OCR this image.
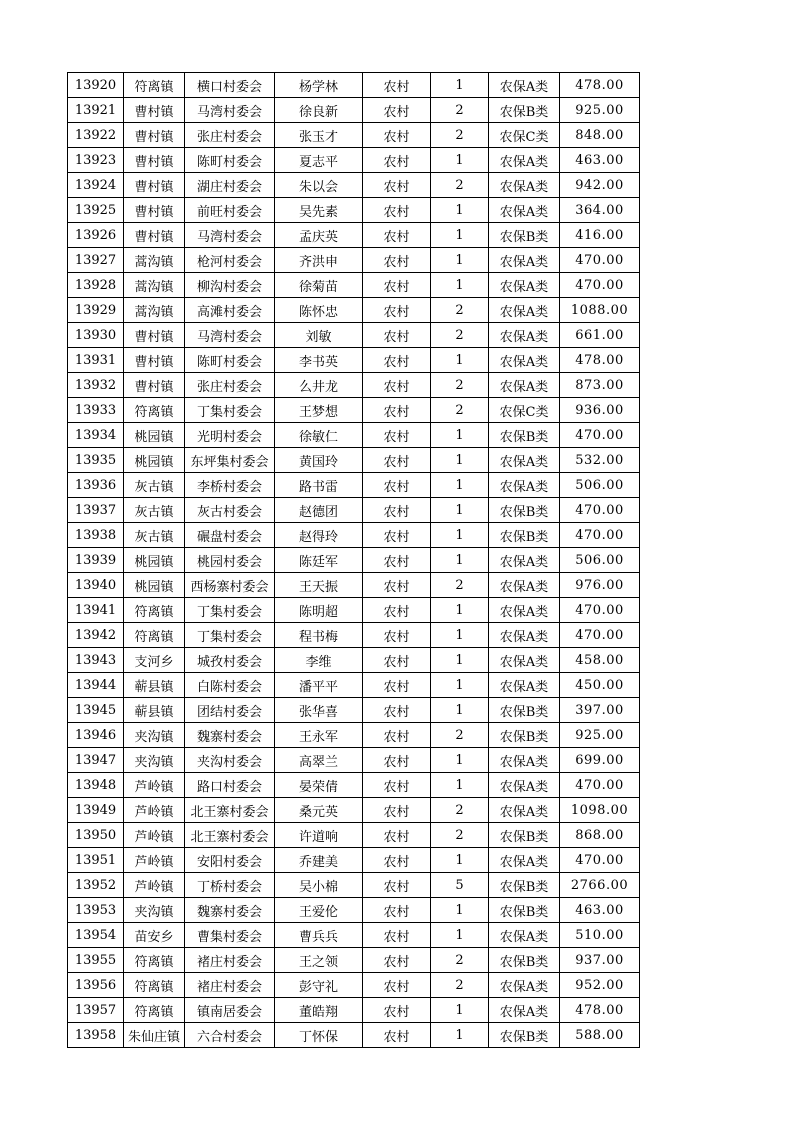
13920	符离镇	横口村委会	杨学林	农村	1	农保A类	478.00
13921	曹村镇	马湾村委会	徐良新	农村	2	农保B类	925.00
13922	曹村镇	张庄村委会	张玉才	农村	2	农保C类	848.00
13923	曹村镇	陈町村委会	夏志平	农村	1	农保A类	463.00
13924	曹村镇	湖庄村委会	朱以会	农村	2	农保A类	942.00
13925	曹村镇	前旺村委会	吴先素	农村	1	农保A类	364.00
13926	曹村镇	马湾村委会	孟庆英	农村	1	农保B类	416.00
13927	蒿沟镇	枪河村委会	齐洪申	农村	1	农保A类	470.00
13928	蒿沟镇	柳沟村委会	徐菊苗	农村	1	农保A类	470.00
13929	蒿沟镇	高滩村委会	陈怀忠	农村	2	农保A类	1088.00
13930	曹村镇	马湾村委会	刘敏	农村	2	农保A类	661.00
13931	曹村镇	陈町村委会	李书英	农村	1	农保A类	478.00
13932	曹村镇	张庄村委会	么井龙	农村	2	农保A类	873.00
13933	符离镇	丁集村委会	王梦想	农村	2	农保C类	936.00
13934	桃园镇	光明村委会	徐敏仁	农村	1	农保B类	470.00
13935	桃园镇	东坪集村委会	黄国玲	农村	1	农保A类	532.00
13936	灰古镇	李桥村委会	路书雷	农村	1	农保A类	506.00
13937	灰古镇	灰古村委会	赵德团	农村	1	农保B类	470.00
13938	灰古镇	碾盘村委会	赵得玲	农村	1	农保B类	470.00
13939	桃园镇	桃园村委会	陈廷军	农村	1	农保A类	506.00
13940	桃园镇	西杨寨村委会	王天振	农村	2	农保A类	976.00
13941	符离镇	丁集村委会	陈明超	农村	1	农保A类	470.00
13942	符离镇	丁集村委会	程书梅	农村	1	农保A类	470.00
13943	支河乡	城孜村委会	李维	农村	1	农保A类	458.00
13944	蕲县镇	白陈村委会	潘平平	农村	1	农保A类	450.00
13945	蕲县镇	团结村委会	张华喜	农村	1	农保B类	397.00
13946	夹沟镇	魏寨村委会	王永军	农村	2	农保B类	925.00
13947	夹沟镇	夹沟村委会	高翠兰	农村	1	农保A类	699.00
13948	芦岭镇	路口村委会	晏荣倩	农村	1	农保A类	470.00
13949	芦岭镇	北王寨村委会	桑元英	农村	2	农保A类	1098.00
13950	芦岭镇	北王寨村委会	许道响	农村	2	农保B类	868.00
13951	芦岭镇	安阳村委会	乔建美	农村	1	农保A类	470.00
13952	芦岭镇	丁桥村委会	吴小棉	农村	5	农保B类	2766.00
13953	夹沟镇	魏寨村委会	王爱伦	农村	1	农保B类	463.00
13954	苗安乡	曹集村委会	曹兵兵	农村	1	农保A类	510.00
13955	符离镇	褚庄村委会	王之领	农村	2	农保B类	937.00
13956	符离镇	褚庄村委会	彭守礼	农村	2	农保A类	952.00
13957	符离镇	镇南居委会	董皓翔	农村	1	农保A类	478.00
13958	朱仙庄镇	六合村委会	丁怀保	农村	1	农保B类	588.00
